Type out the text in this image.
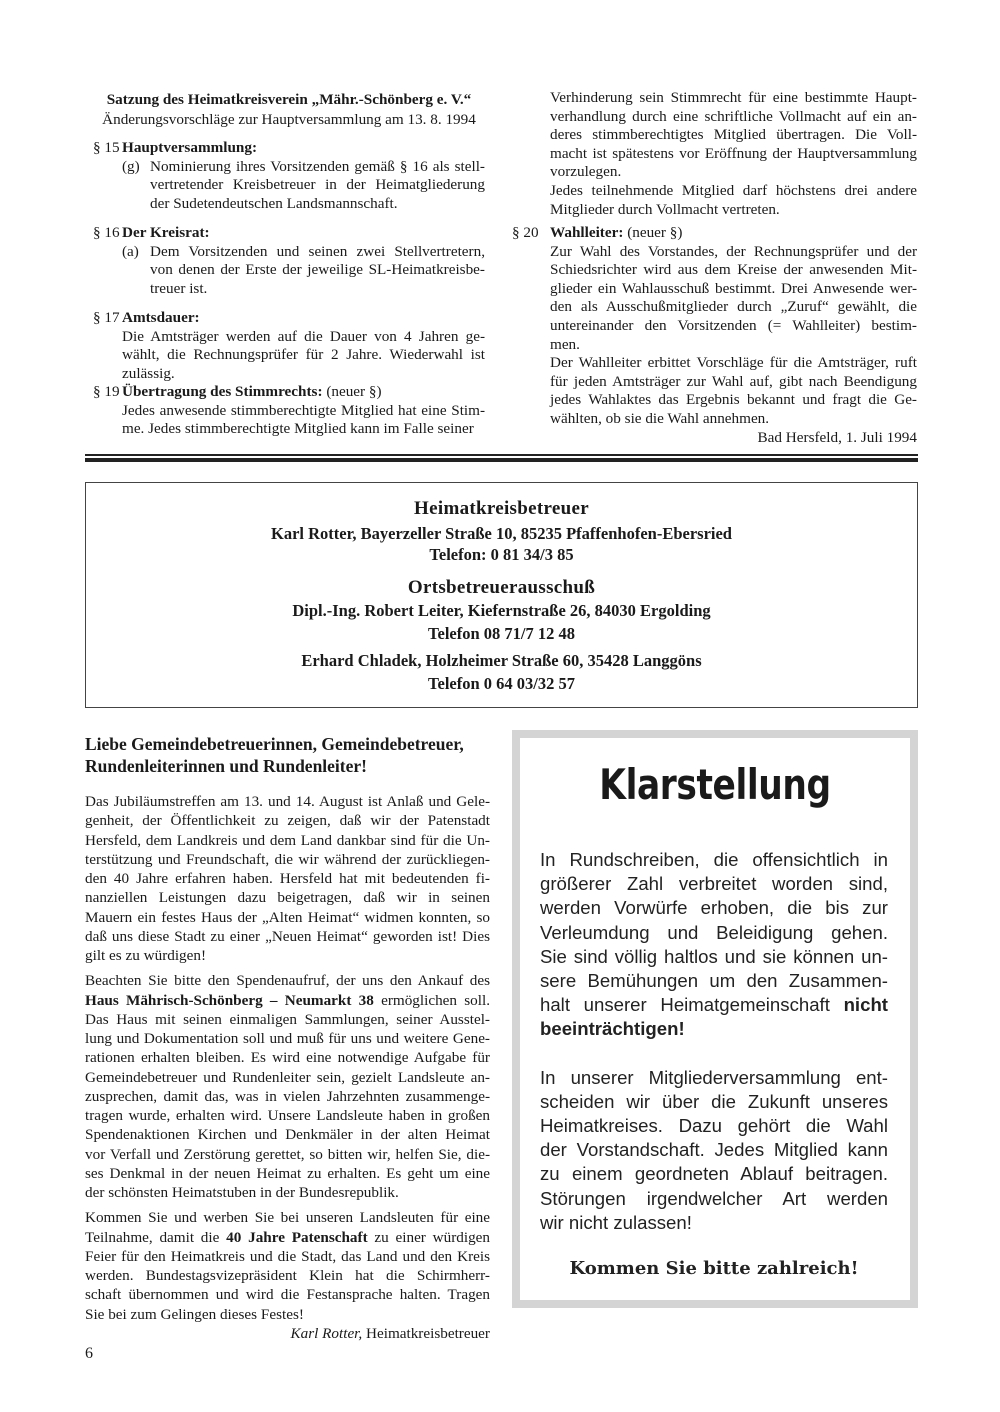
Satzung des Heimatkreisverein „Mähr.-Schönberg e. V.“
Änderungsvorschläge zur Hauptversammlung am 13. 8. 1994
§ 15 Hauptversammlung:
(g) Nominierung ihres Vorsitzenden gemäß § 16 als stell-
vertretender Kreisbetreuer in der Heimatgliederung
der Sudetendeutschen Landsmannschaft.
§ 16 Der Kreisrat:
(a) Dem Vorsitzenden und seinen zwei Stellvertretern,
von denen der Erste der jeweilige SL-Heimatkreisbe-
treuer ist.
§ 17 Amtsdauer:
Die Amtsträger werden auf die Dauer von 4 Jahren ge-
wählt, die Rechnungsprüfer für 2 Jahre. Wiederwahl ist
zulässig.
§ 19 Übertragung des Stimmrechts: (neuer §)
Jedes anwesende stimmberechtigte Mitglied hat eine Stim-
me. Jedes stimmberechtigte Mitglied kann im Falle seiner
Verhinderung sein Stimmrecht für eine bestimmte Haupt-
verhandlung durch eine schriftliche Vollmacht auf ein an-
deres stimmberechtigtes Mitglied übertragen. Die Voll-
macht ist spätestens vor Eröffnung der Hauptversammlung
vorzulegen.
Jedes teilnehmende Mitglied darf höchstens drei andere
Mitglieder durch Vollmacht vertreten.
§ 20 Wahlleiter: (neuer §)
Zur Wahl des Vorstandes, der Rechnungsprüfer und der
Schiedsrichter wird aus dem Kreise der anwesenden Mit-
glieder ein Wahlausschuß bestimmt. Drei Anwesende wer-
den als Ausschußmitglieder durch „Zuruf“ gewählt, die
untereinander den Vorsitzenden (= Wahlleiter) bestim-
men.
Der Wahlleiter erbittet Vorschläge für die Amtsträger, ruft
für jeden Amtsträger zur Wahl auf, gibt nach Beendigung
jedes Wahlaktes das Ergebnis bekannt und fragt die Ge-
wählten, ob sie die Wahl annehmen.
Bad Hersfeld, 1. Juli 1994
Heimatkreisbetreuer
Karl Rotter, Bayerzeller Straße 10, 85235 Pfaffenhofen-Ebersried
Telefon: 0 81 34/3 85
Ortsbetreuerausschuß
Dipl.-Ing. Robert Leiter, Kiefernstraße 26, 84030 Ergolding
Telefon 08 71/7 12 48
Erhard Chladek, Holzheimer Straße 60, 35428 Langgöns
Telefon 0 64 03/32 57
Liebe Gemeindebetreuerinnen, Gemeindebetreuer,
Rundenleiterinnen und Rundenleiter!
Das Jubiläumstreffen am 13. und 14. August ist Anlaß und Gele-
genheit, der Öffentlichkeit zu zeigen, daß wir der Patenstadt
Hersfeld, dem Landkreis und dem Land dankbar sind für die Un-
terstützung und Freundschaft, die wir während der zurückliegen-
den 40 Jahre erfahren haben. Hersfeld hat mit bedeutenden fi-
nanziellen Leistungen dazu beigetragen, daß wir in seinen
Mauern ein festes Haus der „Alten Heimat“ widmen konnten, so
daß uns diese Stadt zu einer „Neuen Heimat“ geworden ist! Dies
gilt es zu würdigen!
Beachten Sie bitte den Spendenaufruf, der uns den Ankauf des
Haus Mährisch-Schönberg – Neumarkt 38 ermöglichen soll.
Das Haus mit seinen einmaligen Sammlungen, seiner Ausstel-
lung und Dokumentation soll und muß für uns und weitere Gene-
rationen erhalten bleiben. Es wird eine notwendige Aufgabe für
Gemeindebetreuer und Rundenleiter sein, gezielt Landsleute an-
zusprechen, damit das, was in vielen Jahrzehnten zusammenge-
tragen wurde, erhalten wird. Unsere Landsleute haben in großen
Spendenaktionen Kirchen und Denkmäler in der alten Heimat
vor Verfall und Zerstörung gerettet, so bitten wir, helfen Sie, die-
ses Denkmal in der neuen Heimat zu erhalten. Es geht um eine
der schönsten Heimatstuben in der Bundesrepublik.
Kommen Sie und werben Sie bei unseren Landsleuten für eine
Teilnahme, damit die 40 Jahre Patenschaft zu einer würdigen
Feier für den Heimatkreis und die Stadt, das Land und den Kreis
werden. Bundestagsvizepräsident Klein hat die Schirmherr-
schaft übernommen und wird die Festansprache halten. Tragen
Sie bei zum Gelingen dieses Festes!
Karl Rotter, Heimatkreisbetreuer
Klarstellung
In Rundschreiben, die offensichtlich in
größerer Zahl verbreitet worden sind,
werden Vorwürfe erhoben, die bis zur
Verleumdung und Beleidigung gehen.
Sie sind völlig haltlos und sie können un-
sere Bemühungen um den Zusammen-
halt unserer Heimatgemeinschaft nicht
beeinträchtigen!
In unserer Mitgliederversammlung ent-
scheiden wir über die Zukunft unseres
Heimatkreises. Dazu gehört die Wahl
der Vorstandschaft. Jedes Mitglied kann
zu einem geordneten Ablauf beitragen.
Störungen irgendwelcher Art werden
wir nicht zulassen!
Kommen Sie bitte zahlreich!
6
